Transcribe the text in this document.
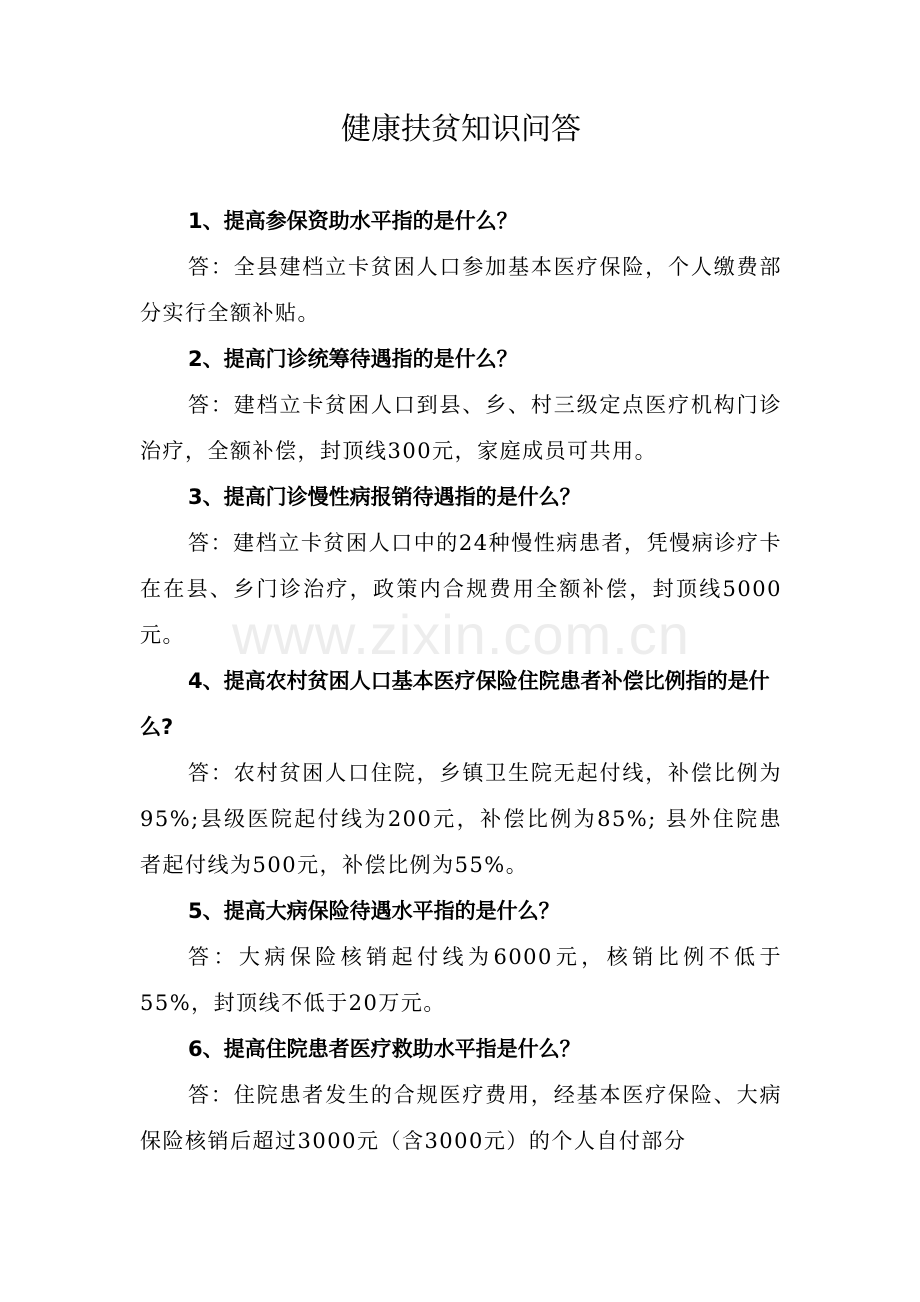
www.zixin.com.cn
健康扶贫知识问答

1、提高参保资助水平指的是什么？

答：全县建档立卡贫困人口参加基本医疗保险，个人缴费部分实行全额补贴。

2、提高门诊统筹待遇指的是什么？

答：建档立卡贫困人口到县、乡、村三级定点医疗机构门诊治疗，全额补偿，封顶线300元，家庭成员可共用。

3、提高门诊慢性病报销待遇指的是什么？

答：建档立卡贫困人口中的24种慢性病患者，凭慢病诊疗卡在在县、乡门诊治疗，政策内合规费用全额补偿，封顶线5000元。

4、提高农村贫困人口基本医疗保险住院患者补偿比例指的是什么?

答：农村贫困人口住院，乡镇卫生院无起付线，补偿比例为95%;县级医院起付线为200元，补偿比例为85%; 县外住院患者起付线为500元，补偿比例为55%。

5、提高大病保险待遇水平指的是什么？

答：大病保险核销起付线为6000元，核销比例不低于55%，封顶线不低于20万元。

6、提高住院患者医疗救助水平指是什么？

答：住院患者发生的合规医疗费用，经基本医疗保险、大病保险核销后超过3000元（含3000元）的个人自付部分
